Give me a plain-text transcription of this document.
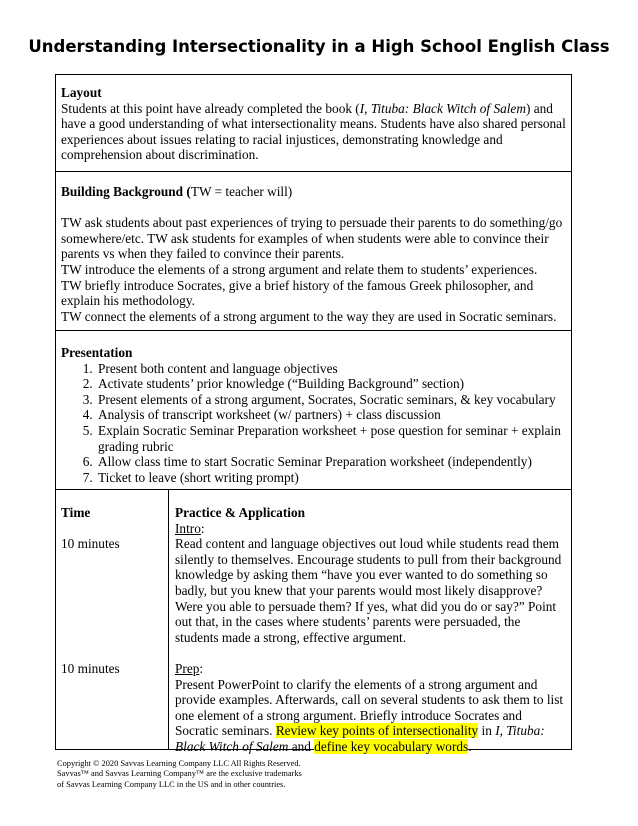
Understanding Intersectionality in a High School English Class

Layout

Students at this point have already completed the book (I, Tituba: Black Witch of Salem) and have a good understanding of what intersectionality means. Students have also shared personal experiences about issues relating to racial injustices, demonstrating knowledge and comprehension about discrimination.

Building Background (TW = teacher will)

TW ask students about past experiences of trying to persuade their parents to do something/go somewhere/etc. TW ask students for examples of when students were able to convince their parents vs when they failed to convince their parents.

TW introduce the elements of a strong argument and relate them to students’ experiences.

TW briefly introduce Socrates, give a brief history of the famous Greek philosopher, and explain his methodology.

TW connect the elements of a strong argument to the way they are used in Socratic seminars.

Presentation

1. Present both content and language objectives
2. Activate students’ prior knowledge (“Building Background” section)
3. Present elements of a strong argument, Socrates, Socratic seminars, & key vocabulary
4. Analysis of transcript worksheet (w/ partners) + class discussion
5. Explain Socratic Seminar Preparation worksheet + pose question for seminar + explain grading rubric
6. Allow class time to start Socratic Seminar Preparation worksheet (independently)
7. Ticket to leave (short writing prompt)

Time

10 minutes

10 minutes

Practice & Application

Intro:

Read content and language objectives out loud while students read them silently to themselves. Encourage students to pull from their background knowledge by asking them “have you ever wanted to do something so badly, but you knew that your parents would most likely disapprove? Were you able to persuade them? If yes, what did you do or say?” Point out that, in the cases where students’ parents were persuaded, the students made a strong, effective argument.

Prep:

Present PowerPoint to clarify the elements of a strong argument and provide examples. Afterwards, call on several students to ask them to list one element of a strong argument. Briefly introduce Socrates and Socratic seminars. Review key points of intersectionality in I, Tituba: Black Witch of Salem and define key vocabulary words.

Copyright © 2020 Savvas Learning Company LLC All Rights Reserved.
Savvas™ and Savvas Learning Company™ are the exclusive trademarks
of Savvas Learning Company LLC in the US and in other countries.
